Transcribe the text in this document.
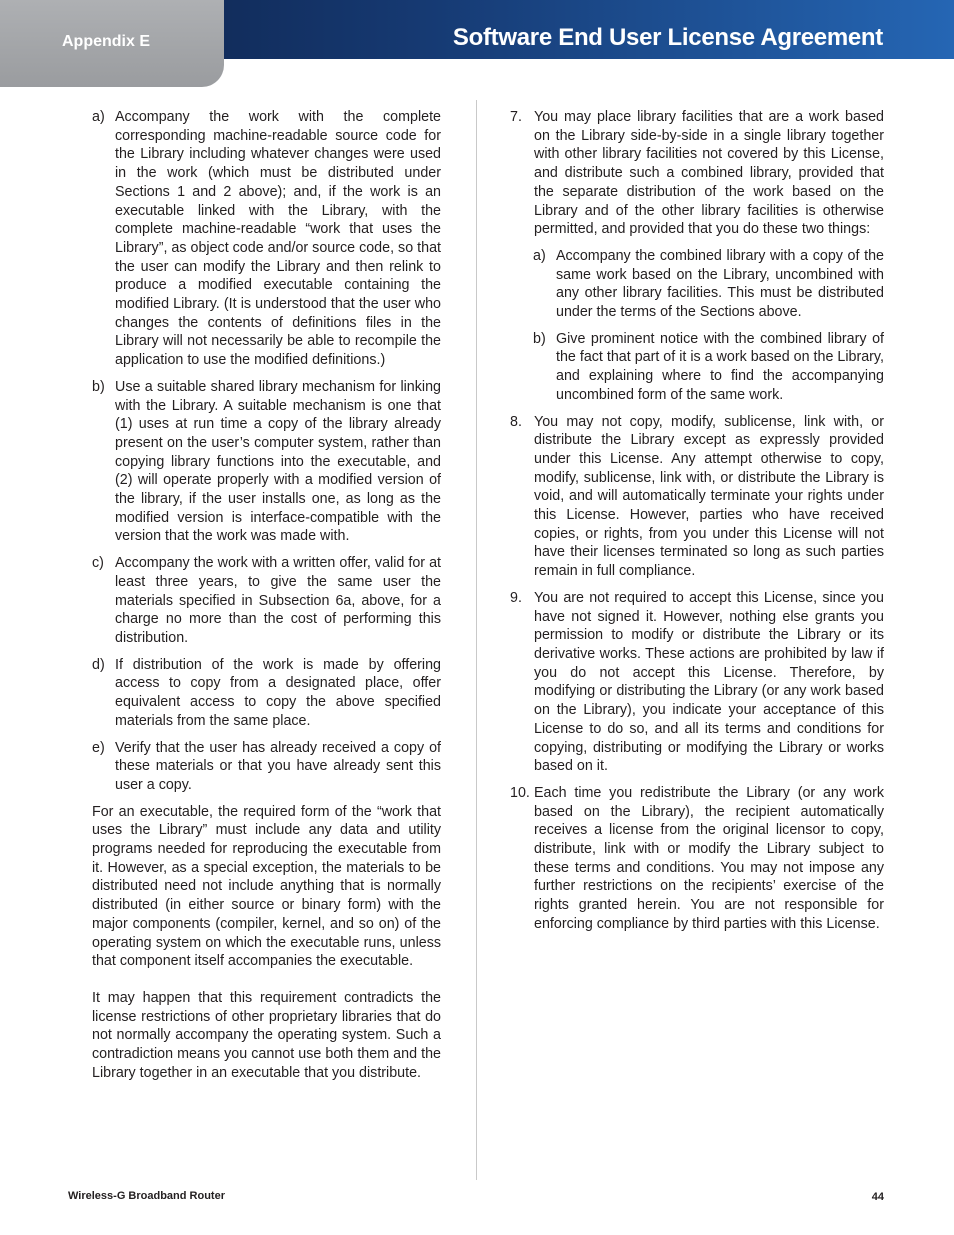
Appendix E	Software End User License Agreement
a) Accompany the work with the complete corresponding machine-readable source code for the Library including whatever changes were used in the work (which must be distributed under Sections 1 and 2 above); and, if the work is an executable linked with the Library, with the complete machine-readable “work that uses the Library”, as object code and/or source code, so that the user can modify the Library and then relink to produce a modified executable containing the modified Library. (It is understood that the user who changes the contents of definitions files in the Library will not necessarily be able to recompile the application to use the modified definitions.)
b) Use a suitable shared library mechanism for linking with the Library. A suitable mechanism is one that (1) uses at run time a copy of the library already present on the user’s computer system, rather than copying library functions into the executable, and (2) will operate properly with a modified version of the library, if the user installs one, as long as the modified version is interface-compatible with the version that the work was made with.
c) Accompany the work with a written offer, valid for at least three years, to give the same user the materials specified in Subsection 6a, above, for a charge no more than the cost of performing this distribution.
d) If distribution of the work is made by offering access to copy from a designated place, offer equivalent access to copy the above specified materials from the same place.
e) Verify that the user has already received a copy of these materials or that you have already sent this user a copy.

For an executable, the required form of the “work that uses the Library” must include any data and utility programs needed for reproducing the executable from it. However, as a special exception, the materials to be distributed need not include anything that is normally distributed (in either source or binary form) with the major components (compiler, kernel, and so on) of the operating system on which the executable runs, unless that component itself accompanies the executable.

It may happen that this requirement contradicts the license restrictions of other proprietary libraries that do not normally accompany the operating system. Such a contradiction means you cannot use both them and the Library together in an executable that you distribute.

7. You may place library facilities that are a work based on the Library side-by-side in a single library together with other library facilities not covered by this License, and distribute such a combined library, provided that the separate distribution of the work based on the Library and of the other library facilities is otherwise permitted, and provided that you do these two things:
a) Accompany the combined library with a copy of the same work based on the Library, uncombined with any other library facilities. This must be distributed under the terms of the Sections above.
b) Give prominent notice with the combined library of the fact that part of it is a work based on the Library, and explaining where to find the accompanying uncombined form of the same work.
8. You may not copy, modify, sublicense, link with, or distribute the Library except as expressly provided under this License. Any attempt otherwise to copy, modify, sublicense, link with, or distribute the Library is void, and will automatically terminate your rights under this License. However, parties who have received copies, or rights, from you under this License will not have their licenses terminated so long as such parties remain in full compliance.
9. You are not required to accept this License, since you have not signed it. However, nothing else grants you permission to modify or distribute the Library or its derivative works. These actions are prohibited by law if you do not accept this License. Therefore, by modifying or distributing the Library (or any work based on the Library), you indicate your acceptance of this License to do so, and all its terms and conditions for copying, distributing or modifying the Library or works based on it.
10. Each time you redistribute the Library (or any work based on the Library), the recipient automatically receives a license from the original licensor to copy, distribute, link with or modify the Library subject to these terms and conditions. You may not impose any further restrictions on the recipients’ exercise of the rights granted herein. You are not responsible for enforcing compliance by third parties with this License.
Wireless-G Broadband Router	44
